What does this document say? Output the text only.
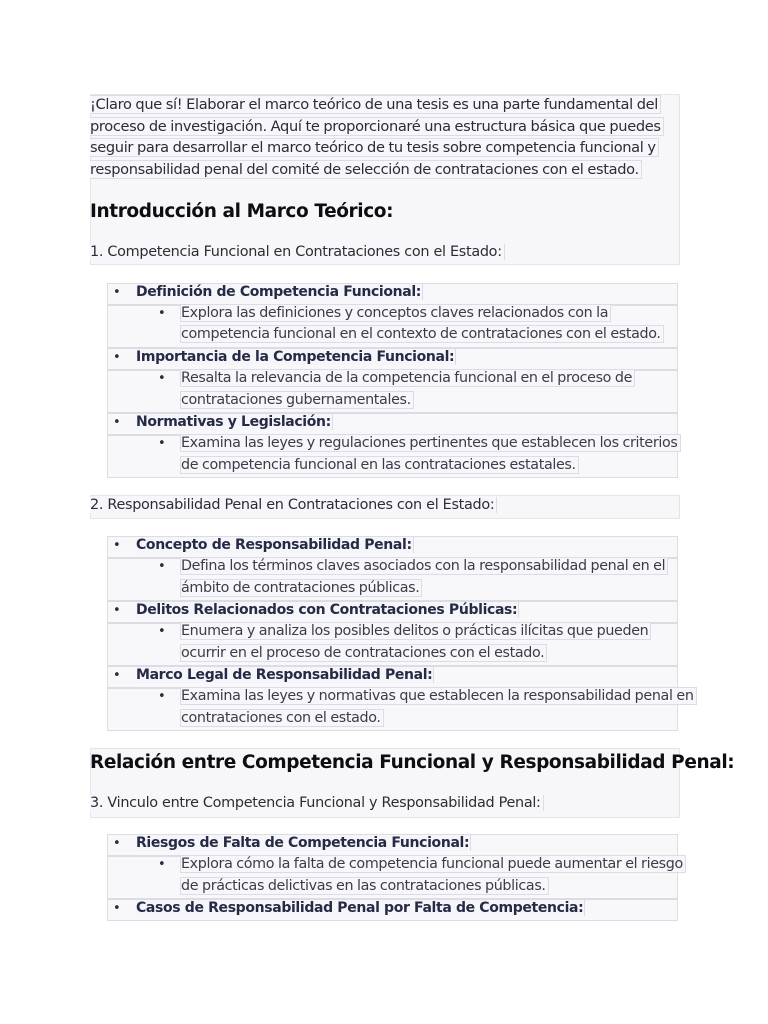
¡Claro que sí! Elaborar el marco teórico de una tesis es una parte fundamental del
proceso de investigación. Aquí te proporcionaré una estructura básica que puedes
seguir para desarrollar el marco teórico de tu tesis sobre competencia funcional y
responsabilidad penal del comité de selección de contrataciones con el estado.
Introducción al Marco Teórico:
1. Competencia Funcional en Contrataciones con el Estado:
• Definición de Competencia Funcional:
• Explora las definiciones y conceptos claves relacionados con la
competencia funcional en el contexto de contrataciones con el estado.
• Importancia de la Competencia Funcional:
• Resalta la relevancia de la competencia funcional en el proceso de
contrataciones gubernamentales.
• Normativas y Legislación:
• Examina las leyes y regulaciones pertinentes que establecen los criterios
de competencia funcional en las contrataciones estatales.
2. Responsabilidad Penal en Contrataciones con el Estado:
• Concepto de Responsabilidad Penal:
• Defina los términos claves asociados con la responsabilidad penal en el
ámbito de contrataciones públicas.
• Delitos Relacionados con Contrataciones Públicas:
• Enumera y analiza los posibles delitos o prácticas ilícitas que pueden
ocurrir en el proceso de contrataciones con el estado.
• Marco Legal de Responsabilidad Penal:
• Examina las leyes y normativas que establecen la responsabilidad penal en
contrataciones con el estado.
Relación entre Competencia Funcional y Responsabilidad Penal:
3. Vinculo entre Competencia Funcional y Responsabilidad Penal:
• Riesgos de Falta de Competencia Funcional:
• Explora cómo la falta de competencia funcional puede aumentar el riesgo
de prácticas delictivas en las contrataciones públicas.
• Casos de Responsabilidad Penal por Falta de Competencia:
